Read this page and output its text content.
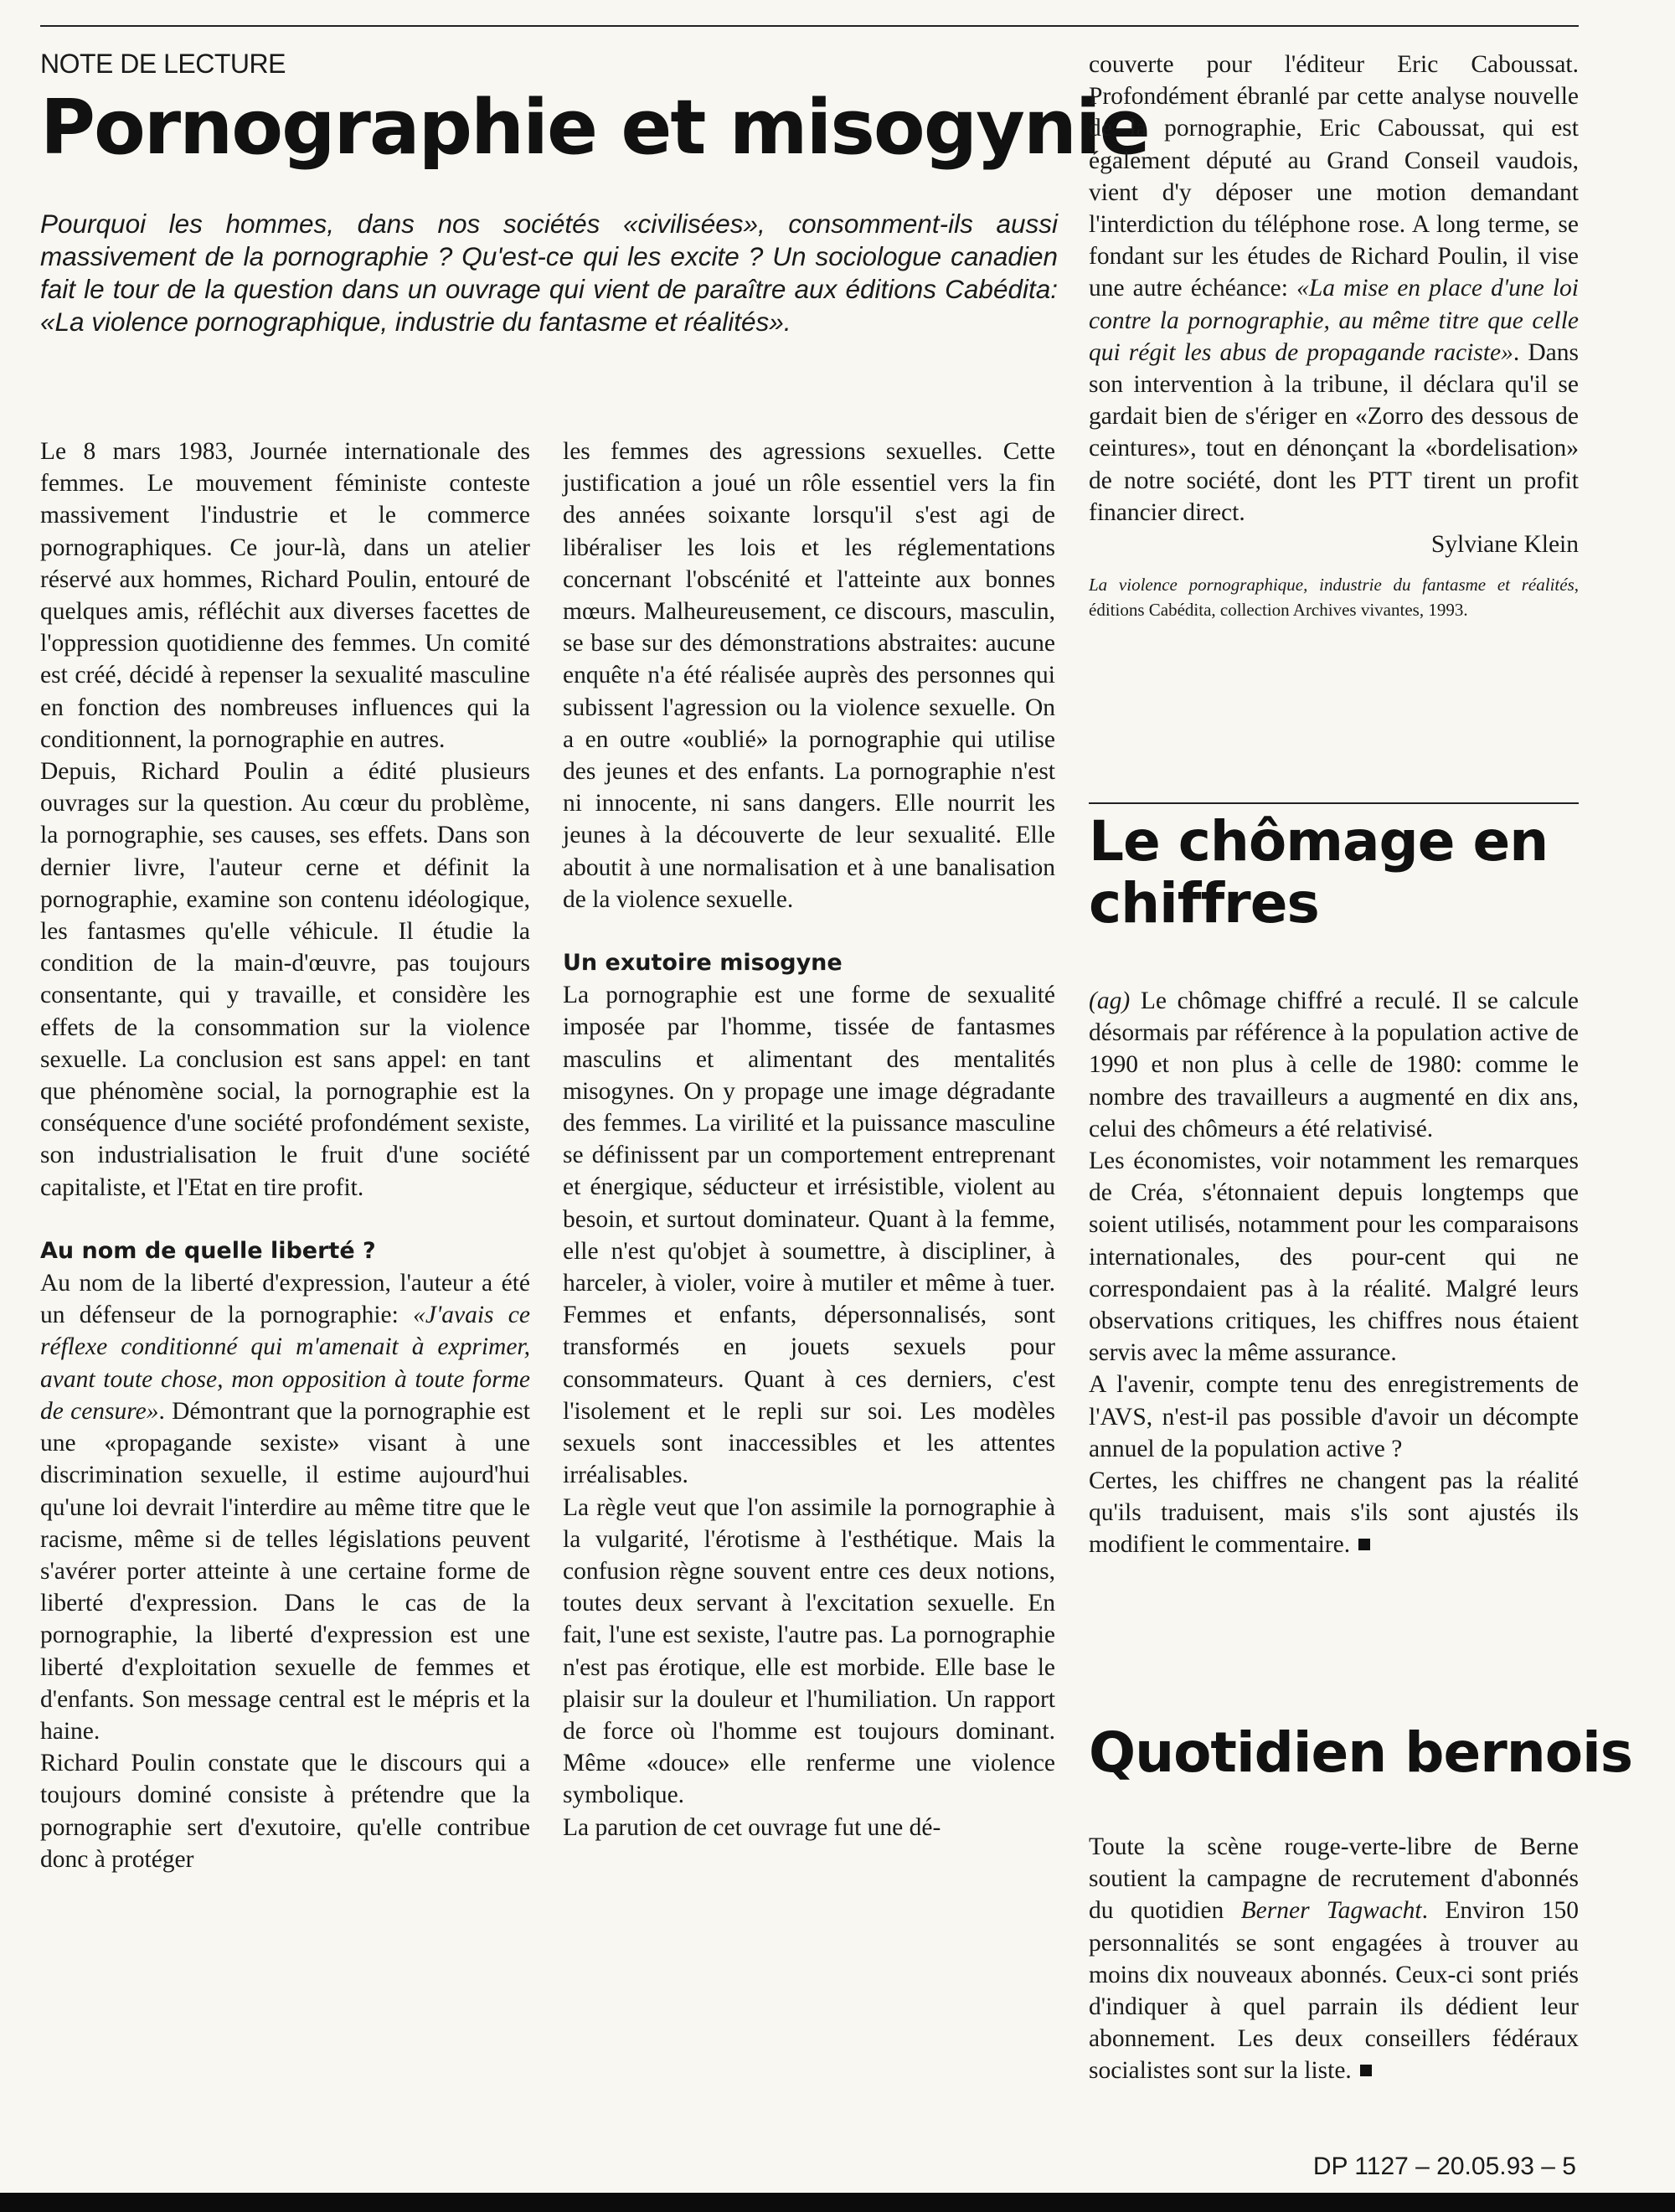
NOTE DE LECTURE
Pornographie et misogynie

Pourquoi les hommes, dans nos sociétés «civilisées», consomment-ils aussi massivement de la pornographie ? Qu'est-ce qui les excite ? Un sociologue canadien fait le tour de la question dans un ouvrage qui vient de paraître aux éditions Cabédita: «La violence pornographique, industrie du fantasme et réalités».

Le 8 mars 1983, Journée internationale des femmes. Le mouvement féministe conteste massivement l'industrie et le commerce pornographiques. Ce jour-là, dans un atelier réservé aux hommes, Richard Poulin, entouré de quelques amis, réfléchit aux diverses facettes de l'oppression quotidienne des femmes. Un comité est créé, décidé à repenser la sexualité masculine en fonction des nombreuses influences qui la conditionnent, la pornographie en autres.

Depuis, Richard Poulin a édité plusieurs ouvrages sur la question. Au cœur du problème, la pornographie, ses causes, ses effets. Dans son dernier livre, l'auteur cerne et définit la pornographie, examine son contenu idéologique, les fantasmes qu'elle véhicule. Il étudie la condition de la main-d'œuvre, pas toujours consentante, qui y travaille, et considère les effets de la consommation sur la violence sexuelle. La conclusion est sans appel: en tant que phénomène social, la pornographie est la conséquence d'une société profondément sexiste, son industrialisation le fruit d'une société capitaliste, et l'Etat en tire profit.

Au nom de quelle liberté ?

Au nom de la liberté d'expression, l'auteur a été un défenseur de la pornographie: «J'avais ce réflexe conditionné qui m'amenait à exprimer, avant toute chose, mon opposition à toute forme de censure». Démontrant que la pornographie est une «propagande sexiste» visant à une discrimination sexuelle, il estime aujourd'hui qu'une loi devrait l'interdire au même titre que le racisme, même si de telles législations peuvent s'avérer porter atteinte à une certaine forme de liberté d'expression. Dans le cas de la pornographie, la liberté d'expression est une liberté d'exploitation sexuelle de femmes et d'enfants. Son message central est le mépris et la haine.

Richard Poulin constate que le discours qui a toujours dominé consiste à prétendre que la pornographie sert d'exutoire, qu'elle contribue donc à protéger

les femmes des agressions sexuelles. Cette justification a joué un rôle essentiel vers la fin des années soixante lorsqu'il s'est agi de libéraliser les lois et les réglementations concernant l'obscénité et l'atteinte aux bonnes mœurs. Malheureusement, ce discours, masculin, se base sur des démonstrations abstraites: aucune enquête n'a été réalisée auprès des personnes qui subissent l'agression ou la violence sexuelle. On a en outre «oublié» la pornographie qui utilise des jeunes et des enfants. La pornographie n'est ni innocente, ni sans dangers. Elle nourrit les jeunes à la découverte de leur sexualité. Elle aboutit à une normalisation et à une banalisation de la violence sexuelle.

Un exutoire misogyne

La pornographie est une forme de sexualité imposée par l'homme, tissée de fantasmes masculins et alimentant des mentalités misogynes. On y propage une image dégradante des femmes. La virilité et la puissance masculine se définissent par un comportement entreprenant et énergique, séducteur et irrésistible, violent au besoin, et surtout dominateur. Quant à la femme, elle n'est qu'objet à soumettre, à discipliner, à harceler, à violer, voire à mutiler et même à tuer. Femmes et enfants, dépersonnalisés, sont transformés en jouets sexuels pour consommateurs. Quant à ces derniers, c'est l'isolement et le repli sur soi. Les modèles sexuels sont inaccessibles et les attentes irréalisables.

La règle veut que l'on assimile la pornographie à la vulgarité, l'érotisme à l'esthétique. Mais la confusion règne souvent entre ces deux notions, toutes deux servant à l'excitation sexuelle. En fait, l'une est sexiste, l'autre pas. La pornographie n'est pas érotique, elle est morbide. Elle base le plaisir sur la douleur et l'humiliation. Un rapport de force où l'homme est toujours dominant. Même «douce» elle renferme une violence symbolique.

La parution de cet ouvrage fut une dé-

couverte pour l'éditeur Eric Caboussat. Profondément ébranlé par cette analyse nouvelle de la pornographie, Eric Caboussat, qui est également député au Grand Conseil vaudois, vient d'y déposer une motion demandant l'interdiction du téléphone rose. A long terme, se fondant sur les études de Richard Poulin, il vise une autre échéance: «La mise en place d'une loi contre la pornographie, au même titre que celle qui régit les abus de propagande raciste». Dans son intervention à la tribune, il déclara qu'il se gardait bien de s'ériger en «Zorro des dessous de ceintures», tout en dénonçant la «bordelisation» de notre société, dont les PTT tirent un profit financier direct.

Sylviane Klein

La violence pornographique, industrie du fantasme et réalités, éditions Cabédita, collection Archives vivantes, 1993.

Le chômage en chiffres

(ag) Le chômage chiffré a reculé. Il se calcule désormais par référence à la population active de 1990 et non plus à celle de 1980: comme le nombre des travailleurs a augmenté en dix ans, celui des chômeurs a été relativisé.

Les économistes, voir notamment les remarques de Créa, s'étonnaient depuis longtemps que soient utilisés, notamment pour les comparaisons internationales, des pour-cent qui ne correspondaient pas à la réalité. Malgré leurs observations critiques, les chiffres nous étaient servis avec la même assurance.

A l'avenir, compte tenu des enregistrements de l'AVS, n'est-il pas possible d'avoir un décompte annuel de la population active ?

Certes, les chiffres ne changent pas la réalité qu'ils traduisent, mais s'ils sont ajustés ils modifient le commentaire.

Quotidien bernois

Toute la scène rouge-verte-libre de Berne soutient la campagne de recrutement d'abonnés du quotidien Berner Tagwacht. Environ 150 personnalités se sont engagées à trouver au moins dix nouveaux abonnés. Ceux-ci sont priés d'indiquer à quel parrain ils dédient leur abonnement. Les deux conseillers fédéraux socialistes sont sur la liste.

DP 1127 – 20.05.93 – 5
